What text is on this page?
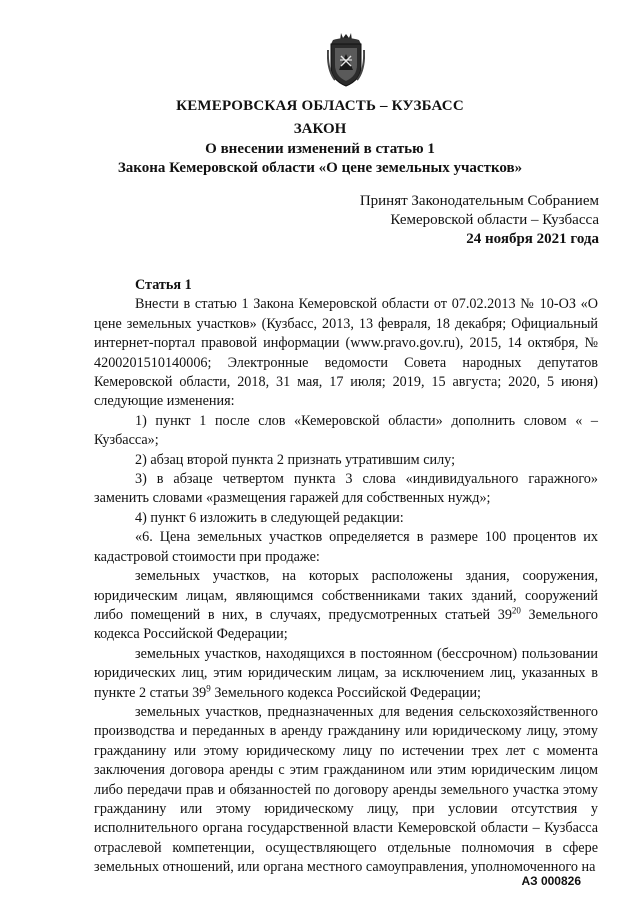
КЕМЕРОВСКАЯ ОБЛАСТЬ – КУЗБАСС
ЗАКОН
О внесении изменений в статью 1
Закона Кемеровской области «О цене земельных участков»
Принят Законодательным Собранием
Кемеровской области – Кузбасса
24 ноября 2021 года

Статья 1

Внести в статью 1 Закона Кемеровской области от 07.02.2013 № 10-ОЗ «О цене земельных участков» (Кузбасс, 2013, 13 февраля, 18 декабря; Официальный интернет-портал правовой информации (www.pravo.gov.ru), 2015, 14 октября, № 4200201510140006; Электронные ведомости Совета народных депутатов Кемеровской области, 2018, 31 мая, 17 июля; 2019, 15 августа; 2020, 5 июня) следующие изменения:

1) пункт 1 после слов «Кемеровской области» дополнить словом « – Кузбасса»;

2) абзац второй пункта 2 признать утратившим силу;

3) в абзаце четвертом пункта 3 слова «индивидуального гаражного» заменить словами «размещения гаражей для собственных нужд»;

4) пункт 6 изложить в следующей редакции:

«6. Цена земельных участков определяется в размере 100 процентов их кадастровой стоимости при продаже:

земельных участков, на которых расположены здания, сооружения, юридическим лицам, являющимся собственниками таких зданий, сооружений либо помещений в них, в случаях, предусмотренных статьей $39^{20}$ Земельного кодекса Российской Федерации;

земельных участков, находящихся в постоянном (бессрочном) пользовании юридических лиц, этим юридическим лицам, за исключением лиц, указанных в пункте 2 статьи $39^9$ Земельного кодекса Российской Федерации;

земельных участков, предназначенных для ведения сельскохозяйственного производства и переданных в аренду гражданину или юридическому лицу, этому гражданину или этому юридическому лицу по истечении трех лет с момента заключения договора аренды с этим гражданином или этим юридическим лицом либо передачи прав и обязанностей по договору аренды земельного участка этому гражданину или этому юридическому лицу, при условии отсутствия у исполнительного органа государственной власти Кемеровской области – Кузбасса отраслевой компетенции, осуществляющего отдельные полномочия в сфере земельных отношений, или органа местного самоуправления, уполномоченного на

АЗ 000826
